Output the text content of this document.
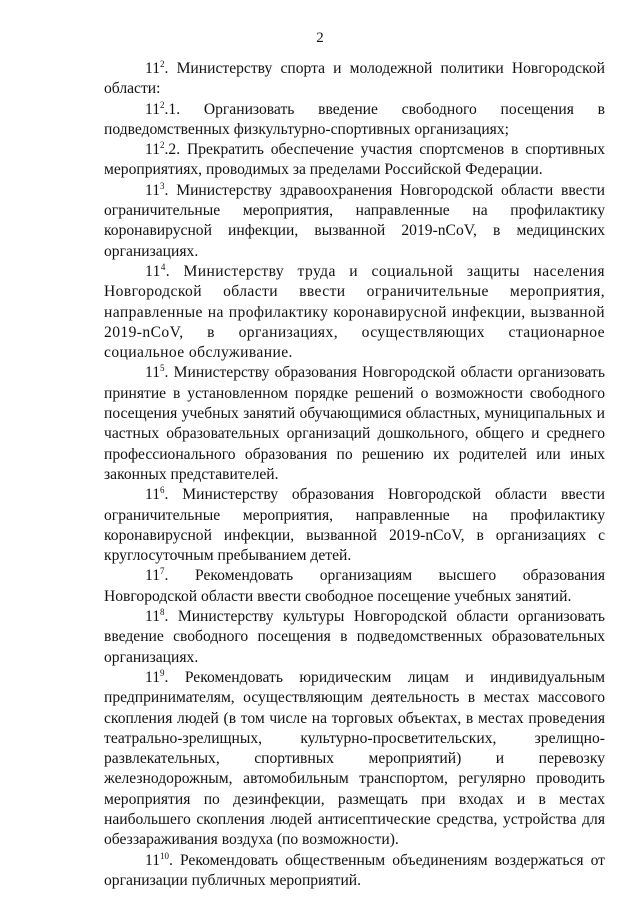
2

$11^2$. Министерству спорта и молодежной политики Новгородской области:

$11^2.1$. Организовать введение свободного посещения в подведомственных физкультурно-спортивных организациях;

$11^2.2$. Прекратить обеспечение участия спортсменов в спортивных мероприятиях, проводимых за пределами Российской Федерации.

$11^3$. Министерству здравоохранения Новгородской области ввести ограничительные мероприятия, направленные на профилактику коронавирусной инфекции, вызванной 2019-nCoV, в медицинских организациях.

$11^4$. Министерству труда и социальной защиты населения Новгородской области ввести ограничительные мероприятия, направленные на профилактику коронавирусной инфекции, вызванной 2019-nCoV, в организациях, осуществляющих стационарное социальное обслуживание.

$11^5$. Министерству образования Новгородской области организовать принятие в установленном порядке решений о возможности свободного посещения учебных занятий обучающимися областных, муниципальных и частных образовательных организаций дошкольного, общего и среднего профессионального образования по решению их родителей или иных законных представителей.

$11^6$. Министерству образования Новгородской области ввести ограничительные мероприятия, направленные на профилактику коронавирусной инфекции, вызванной 2019-nCoV, в организациях с круглосуточным пребыванием детей.

$11^7$. Рекомендовать организациям высшего образования Новгородской области ввести свободное посещение учебных занятий.

$11^8$. Министерству культуры Новгородской области организовать введение свободного посещения в подведомственных образовательных организациях.

$11^9$. Рекомендовать юридическим лицам и индивидуальным предпринимателям, осуществляющим деятельность в местах массового скопления людей (в том числе на торговых объектах, в местах проведения театрально-зрелищных, культурно-просветительских, зрелищно-развлекательных, спортивных мероприятий) и перевозку железнодорожным, автомобильным транспортом, регулярно проводить мероприятия по дезинфекции, размещать при входах и в местах наибольшего скопления людей антисептические средства, устройства для обеззараживания воздуха (по возможности).

$11^{10}$. Рекомендовать общественным объединениям воздержаться от организации публичных мероприятий.
